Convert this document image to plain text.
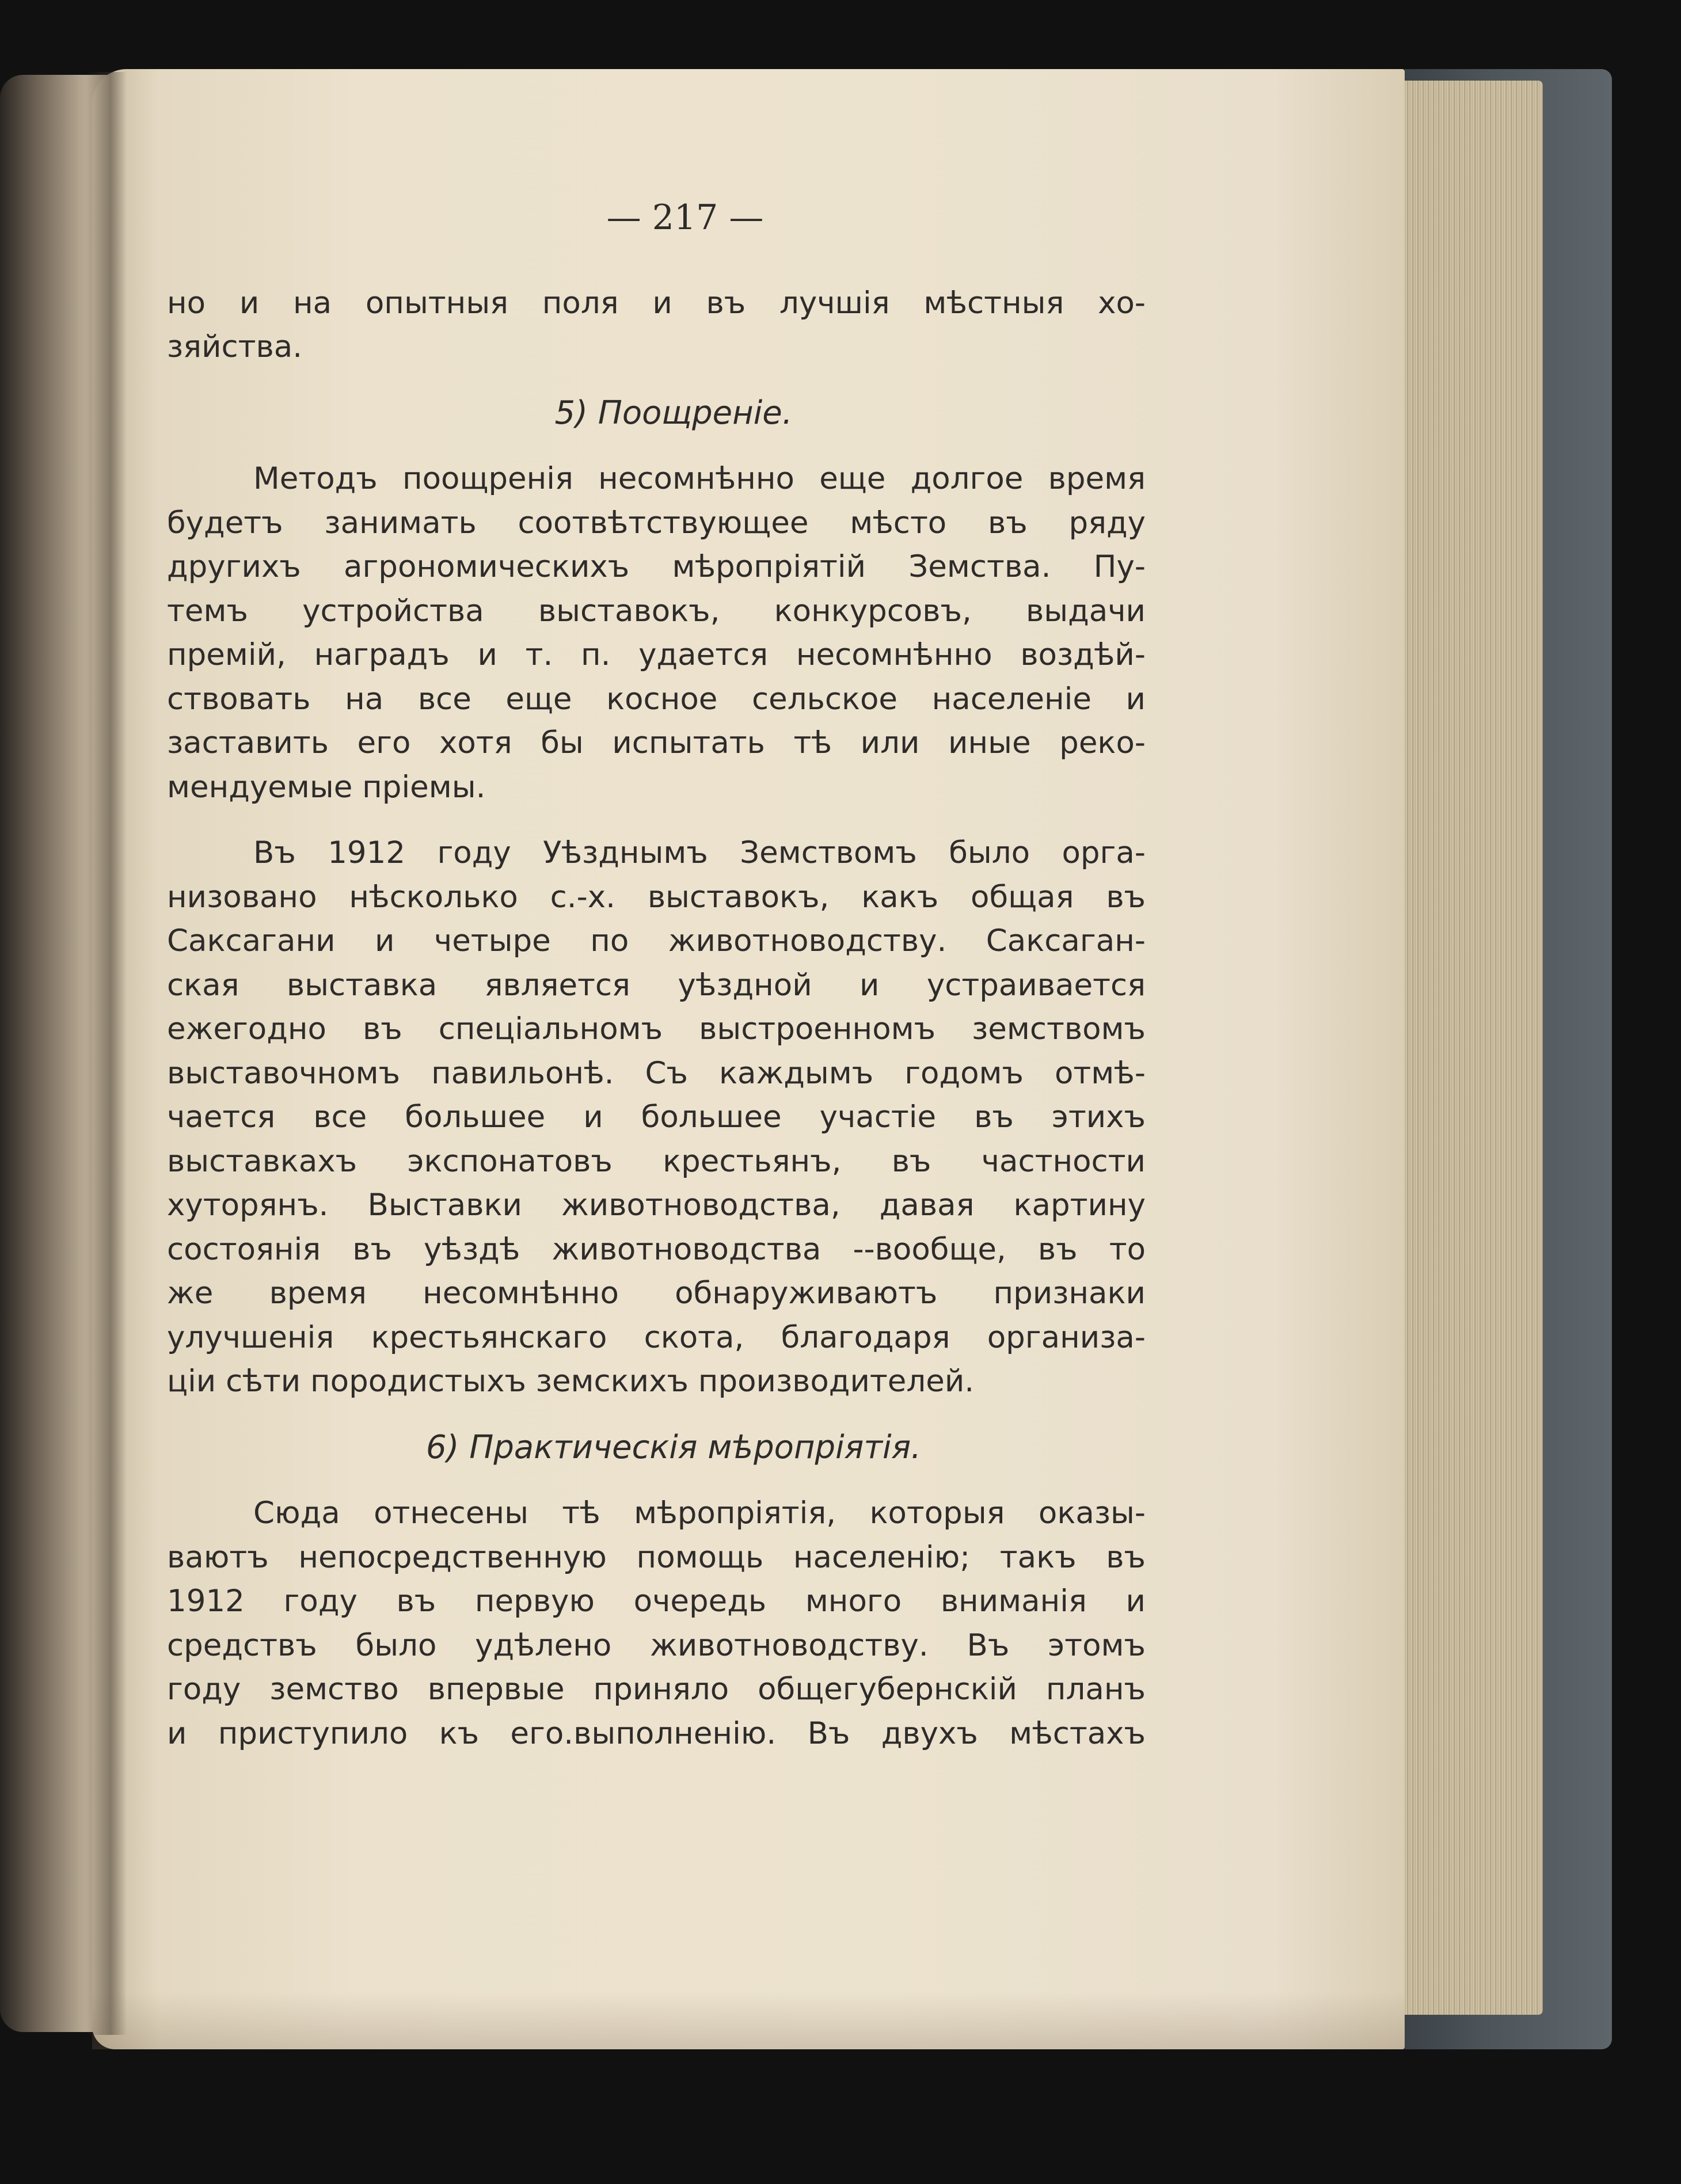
— 217 —
но и на опытныя поля и въ лучшія мѣстныя хо-
зяйства.
5) Поощренiе.
Методъ поощренія несомнѣнно еще долгое время
будетъ занимать соотвѣтствующее мѣсто въ ряду
другихъ агрономическихъ мѣропріятій Земства. Пу-
темъ устройства выставокъ, конкурсовъ, выдачи
премій, наградъ и т. п. удается несомнѣнно воздѣй-
ствовать на все еще косное сельское населеніе и
заставить его хотя бы испытать тѣ или иные реко-
мендуемые пріемы.
Въ 1912 году Уѣзднымъ Земствомъ было орга-
низовано нѣсколько с.-х. выставокъ, какъ общая въ
Саксагани и четыре по животноводству. Саксаган-
ская выставка является уѣздной и устраивается
ежегодно въ спеціальномъ выстроенномъ земствомъ
выставочномъ павильонѣ. Съ каждымъ годомъ отмѣ-
чается все большее и большее участіе въ этихъ
выставкахъ экспонатовъ крестьянъ, въ частности
хуторянъ. Выставки животноводства, давая картину
состоянія въ уѣздѣ животноводства --вообще, въ то
же время несомнѣнно обнаруживаютъ признаки
улучшенія крестьянскаго скота, благодаря организа-
ціи сѣти породистыхъ земскихъ производителей.
6) Практическiя мѣропрiятiя.
Сюда отнесены тѣ мѣропріятія, которыя оказы-
ваютъ непосредственную помощь населенію; такъ въ
1912 году въ первую очередь много вниманія и
средствъ было удѣлено животноводству. Въ этомъ
году земство впервые приняло общегубернскій планъ
и приступило къ его.выполненію. Въ двухъ мѣстахъ
